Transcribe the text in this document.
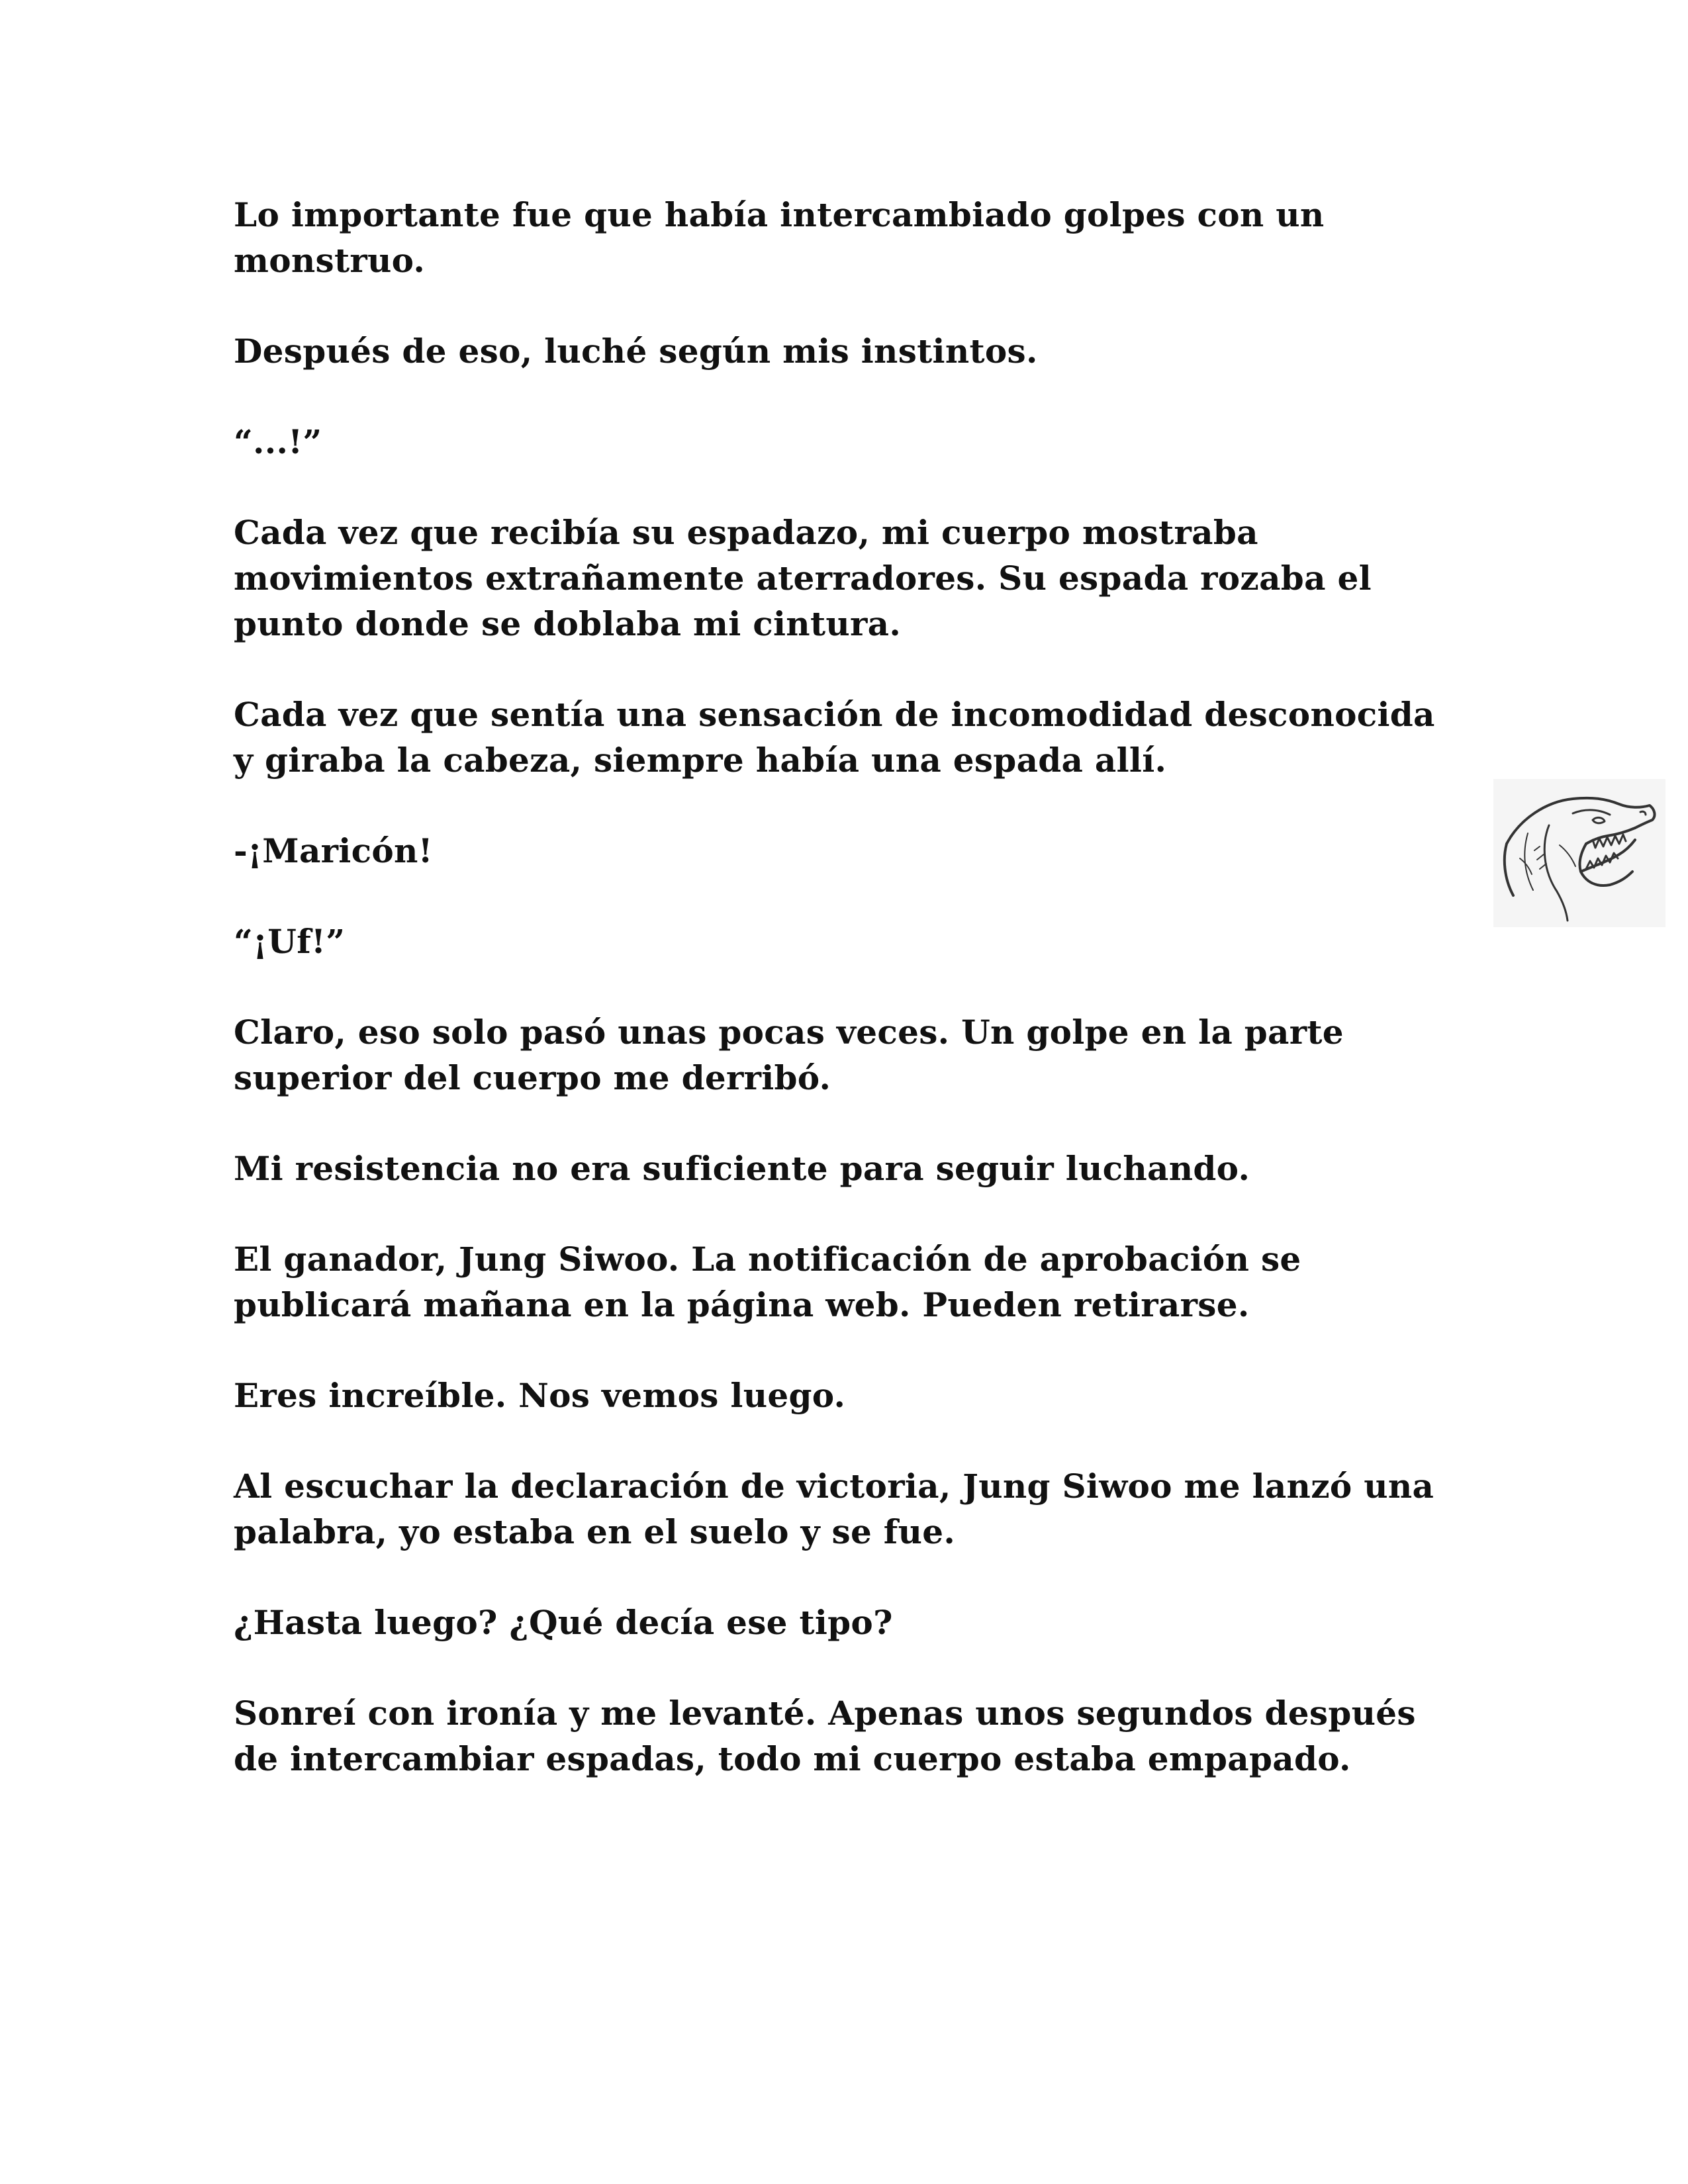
Lo importante fue que había intercambiado golpes con un monstruo.

Después de eso, luché según mis instintos.

“...!”

Cada vez que recibía su espadazo, mi cuerpo mostraba movimientos extrañamente aterradores. Su espada rozaba el punto donde se doblaba mi cintura.

Cada vez que sentía una sensación de incomodidad desconocida y giraba la cabeza, siempre había una espada allí.

-¡Maricón!

“¡Uf!”

Claro, eso solo pasó unas pocas veces. Un golpe en la parte superior del cuerpo me derribó.

Mi resistencia no era suficiente para seguir luchando.

El ganador, Jung Siwoo. La notificación de aprobación se publicará mañana en la página web. Pueden retirarse.

Eres increíble. Nos vemos luego.

Al escuchar la declaración de victoria, Jung Siwoo me lanzó una palabra, yo estaba en el suelo y se fue.

¿Hasta luego? ¿Qué decía ese tipo?

Sonreí con ironía y me levanté. Apenas unos segundos después de intercambiar espadas, todo mi cuerpo estaba empapado.
